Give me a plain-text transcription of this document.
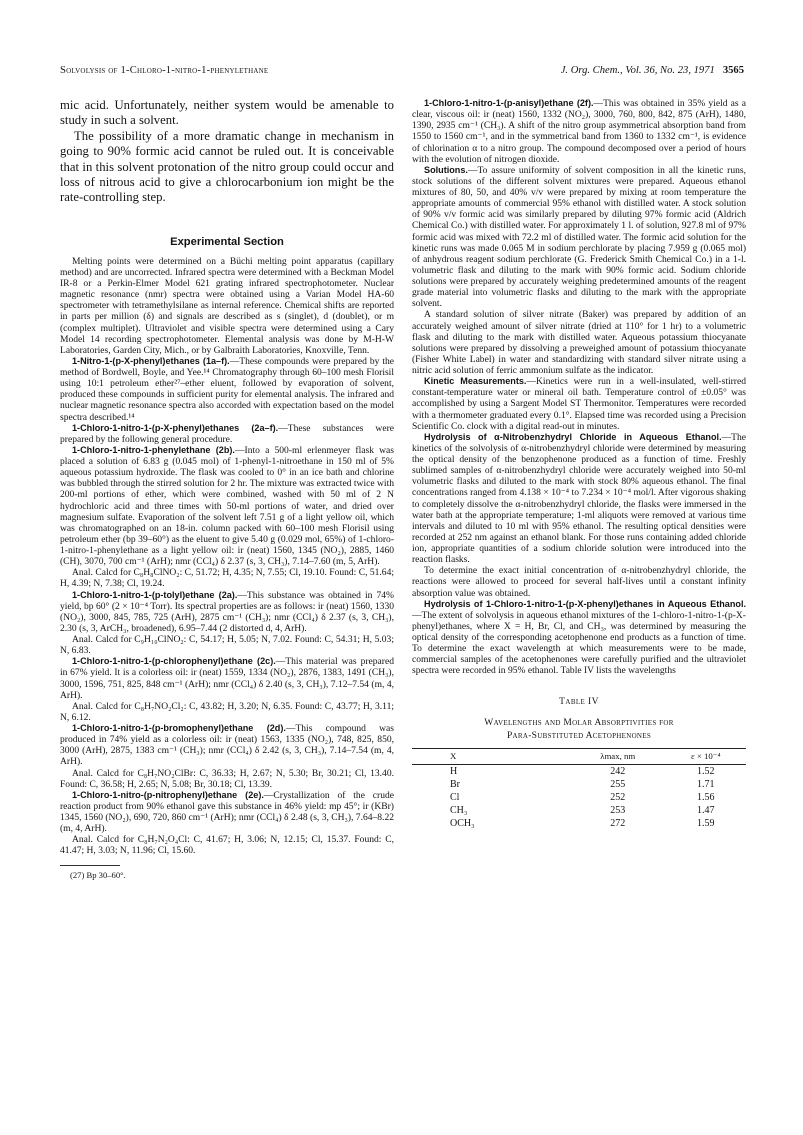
Solvolysis of 1-Chloro-1-nitro-1-phenylethane	J. Org. Chem., Vol. 36, No. 23, 1971 3565

mic acid. Unfortunately, neither system would be amenable to study in such a solvent.

The possibility of a more dramatic change in mechanism in going to 90% formic acid cannot be ruled out. It is conceivable that in this solvent protonation of the nitro group could occur and loss of nitrous acid to give a chlorocarbonium ion might be the rate-controlling step.

Experimental Section

Melting points were determined on a Büchi melting point apparatus (capillary method) and are uncorrected. Infrared spectra were determined with a Beckman Model IR-8 or a Perkin-Elmer Model 621 grating infrared spectrophotometer. Nuclear magnetic resonance (nmr) spectra were obtained using a Varian Model HA-60 spectrometer with tetramethylsilane as internal reference. Chemical shifts are reported in parts per million (δ) and signals are described as s (singlet), d (doublet), or m (complex multiplet). Ultraviolet and visible spectra were determined using a Cary Model 14 recording spectrophotometer. Elemental analysis was done by M-H-W Laboratories, Garden City, Mich., or by Galbraith Laboratories, Knoxville, Tenn.

1-Nitro-1-(p-X-phenyl)ethanes (1a–f).—These compounds were prepared by the method of Bordwell, Boyle, and Yee.¹⁴ Chromatography through 60–100 mesh Florisil using 10:1 petroleum ether²⁷–ether eluent, followed by evaporation of solvent, produced these compounds in sufficient purity for elemental analysis. The infrared and nuclear magnetic resonance spectra also accorded with expectation based on the model spectra described.¹⁴

1-Chloro-1-nitro-1-(p-X-phenyl)ethanes (2a–f).—These substances were prepared by the following general procedure.

1-Chloro-1-nitro-1-phenylethane (2b).—Into a 500-ml erlenmeyer flask was placed a solution of 6.83 g (0.045 mol) of 1-phenyl-1-nitroethane in 150 ml of 5% aqueous potassium hydroxide. The flask was cooled to 0° in an ice bath and chlorine was bubbled through the stirred solution for 2 hr. The mixture was extracted twice with 200-ml portions of ether, which were combined, washed with 50 ml of 2 N hydrochloric acid and three times with 50-ml portions of water, and dried over magnesium sulfate. Evaporation of the solvent left 7.51 g of a light yellow oil, which was chromatographed on an 18-in. column packed with 60–100 mesh Florisil using petroleum ether (bp 39–60°) as the eluent to give 5.40 g (0.029 mol, 65%) of 1-chloro-1-nitro-1-phenylethane as a light yellow oil: ir (neat) 1560, 1345 (NO₂), 2885, 1460 (CH), 3070, 700 cm⁻¹ (ArH); nmr (CCl₄) δ 2.37 (s, 3, CH₃), 7.14–7.60 (m, 5, ArH).

Anal. Calcd for C₈H₈ClNO₂: C, 51.72; H, 4.35; N, 7.55; Cl, 19.10. Found: C, 51.64; H, 4.39; N, 7.38; Cl, 19.24.

1-Chloro-1-nitro-1-(p-tolyl)ethane (2a).—This substance was obtained in 74% yield, bp 60° (2 × 10⁻⁴ Torr). Its spectral properties are as follows: ir (neat) 1560, 1330 (NO₂), 3000, 845, 785, 725 (ArH), 2875 cm⁻¹ (CH₃); nmr (CCl₄) δ 2.37 (s, 3, CH₃), 2.30 (s, 3, ArCH₃, broadened), 6.95–7.44 (2 distorted d, 4, ArH).

Anal. Calcd for C₉H₁₀ClNO₂: C, 54.17; H, 5.05; N, 7.02. Found: C, 54.31; H, 5.03; N, 6.83.

1-Chloro-1-nitro-1-(p-chlorophenyl)ethane (2c).—This material was prepared in 67% yield. It is a colorless oil: ir (neat) 1559, 1334 (NO₂), 2876, 1383, 1491 (CH₃), 3000, 1596, 751, 825, 848 cm⁻¹ (ArH); nmr (CCl₄) δ 2.40 (s, 3, CH₃), 7.12–7.54 (m, 4, ArH).

Anal. Calcd for C₈H₇NO₂Cl₂: C, 43.82; H, 3.20; N, 6.35. Found: C, 43.77; H, 3.11; N, 6.12.

1-Chloro-1-nitro-1-(p-bromophenyl)ethane (2d).—This compound was produced in 74% yield as a colorless oil: ir (neat) 1563, 1335 (NO₂), 748, 825, 850, 3000 (ArH), 2875, 1383 cm⁻¹ (CH₃); nmr (CCl₄) δ 2.42 (s, 3, CH₃), 7.14–7.54 (m, 4, ArH).

Anal. Calcd for C₈H₇NO₂ClBr: C, 36.33; H, 2.67; N, 5.30; Br, 30.21; Cl, 13.40. Found: C, 36.58; H, 2.65; N, 5.08; Br, 30.18; Cl, 13.39.

1-Chloro-1-nitro-(p-nitrophenyl)ethane (2e).—Crystallization of the crude reaction product from 90% ethanol gave this substance in 46% yield: mp 45°; ir (KBr) 1345, 1560 (NO₂), 690, 720, 860 cm⁻¹ (ArH); nmr (CCl₄) δ 2.48 (s, 3, CH₃), 7.64–8.22 (m, 4, ArH).

Anal. Calcd for C₈H₇N₂O₄Cl: C, 41.67; H, 3.06; N, 12.15; Cl, 15.37. Found: C, 41.47; H, 3.03; N, 11.96; Cl, 15.60.

(27) Bp 30–60°.

1-Chloro-1-nitro-1-(p-anisyl)ethane (2f).—This was obtained in 35% yield as a clear, viscous oil: ir (neat) 1560, 1332 (NO₂), 3000, 760, 800, 842, 875 (ArH), 1480, 1390, 2935 cm⁻¹ (CH₃). A shift of the nitro group asymmetrical absorption band from 1550 to 1560 cm⁻¹, and in the symmetrical band from 1360 to 1332 cm⁻¹, is evidence of chlorination α to a nitro group. The compound decomposed over a period of hours with the evolution of nitrogen dioxide.

Solutions.—To assure uniformity of solvent composition in all the kinetic runs, stock solutions of the different solvent mixtures were prepared. Aqueous ethanol mixtures of 80, 50, and 40% v/v were prepared by mixing at room temperature the appropriate amounts of commercial 95% ethanol with distilled water. A stock solution of 90% v/v formic acid was similarly prepared by diluting 97% formic acid (Aldrich Chemical Co.) with distilled water. For approximately 1 l. of solution, 927.8 ml of 97% formic acid was mixed with 72.2 ml of distilled water. The formic acid solution for the kinetic runs was made 0.065 M in sodium perchlorate by placing 7.959 g (0.065 mol) of anhydrous reagent sodium perchlorate (G. Frederick Smith Chemical Co.) in a 1-l. volumetric flask and diluting to the mark with 90% formic acid. Sodium chloride solutions were prepared by accurately weighing predetermined amounts of the reagent grade material into volumetric flasks and diluting to the mark with the appropriate solvent.

A standard solution of silver nitrate (Baker) was prepared by addition of an accurately weighed amount of silver nitrate (dried at 110° for 1 hr) to a volumetric flask and diluting to the mark with distilled water. Aqueous potassium thiocyanate solutions were prepared by dissolving a preweighed amount of potassium thiocyanate (Fisher White Label) in water and standardizing with standard silver nitrate using a nitric acid solution of ferric ammonium sulfate as the indicator.

Kinetic Measurements.—Kinetics were run in a well-insulated, well-stirred constant-temperature water or mineral oil bath. Temperature control of ±0.05° was accomplished by using a Sargent Model ST Thermonitor. Temperatures were recorded with a thermometer graduated every 0.1°. Elapsed time was recorded using a Precision Scientific Co. clock with a digital read-out in minutes.

Hydrolysis of α-Nitrobenzhydryl Chloride in Aqueous Ethanol.—The kinetics of the solvolysis of α-nitrobenzhydryl chloride were determined by measuring the optical density of the benzophenone produced as a function of time. Freshly sublimed samples of α-nitrobenzhydryl chloride were accurately weighed into 50-ml volumetric flasks and diluted to the mark with stock 80% aqueous ethanol. The final concentrations ranged from 4.138 × 10⁻⁴ to 7.234 × 10⁻⁴ mol/l. After vigorous shaking to completely dissolve the α-nitrobenzhydryl chloride, the flasks were immersed in the water bath at the appropriate temperature; 1-ml aliquots were removed at various time intervals and diluted to 10 ml with 95% ethanol. The resulting optical densities were recorded at 252 nm against an ethanol blank. For those runs containing added chloride ion, appropriate quantities of a sodium chloride solution were introduced into the reaction flasks.

To determine the exact initial concentration of α-nitrobenzhydryl chloride, the reactions were allowed to proceed for several half-lives until a constant infinity absorption value was obtained.

Hydrolysis of 1-Chloro-1-nitro-1-(p-X-phenyl)ethanes in Aqueous Ethanol.—The extent of solvolysis in aqueous ethanol mixtures of the 1-chloro-1-nitro-1-(p-X-phenyl)ethanes, where X = H, Br, Cl, and CH₃, was determined by measuring the optical density of the corresponding acetophenone end products as a function of time. To determine the exact wavelength at which measurements were to be made, commercial samples of the acetophenones were carefully purified and the ultraviolet spectra were recorded in 95% ethanol. Table IV lists the wavelengths

Table IV
Wavelengths and Molar Absorptivities for
Para-Substituted Acetophenones
X	λmax, nm	ε × 10⁻⁴
H	242	1.52
Br	255	1.71
Cl	252	1.56
CH₃	253	1.47
OCH₃	272	1.59
